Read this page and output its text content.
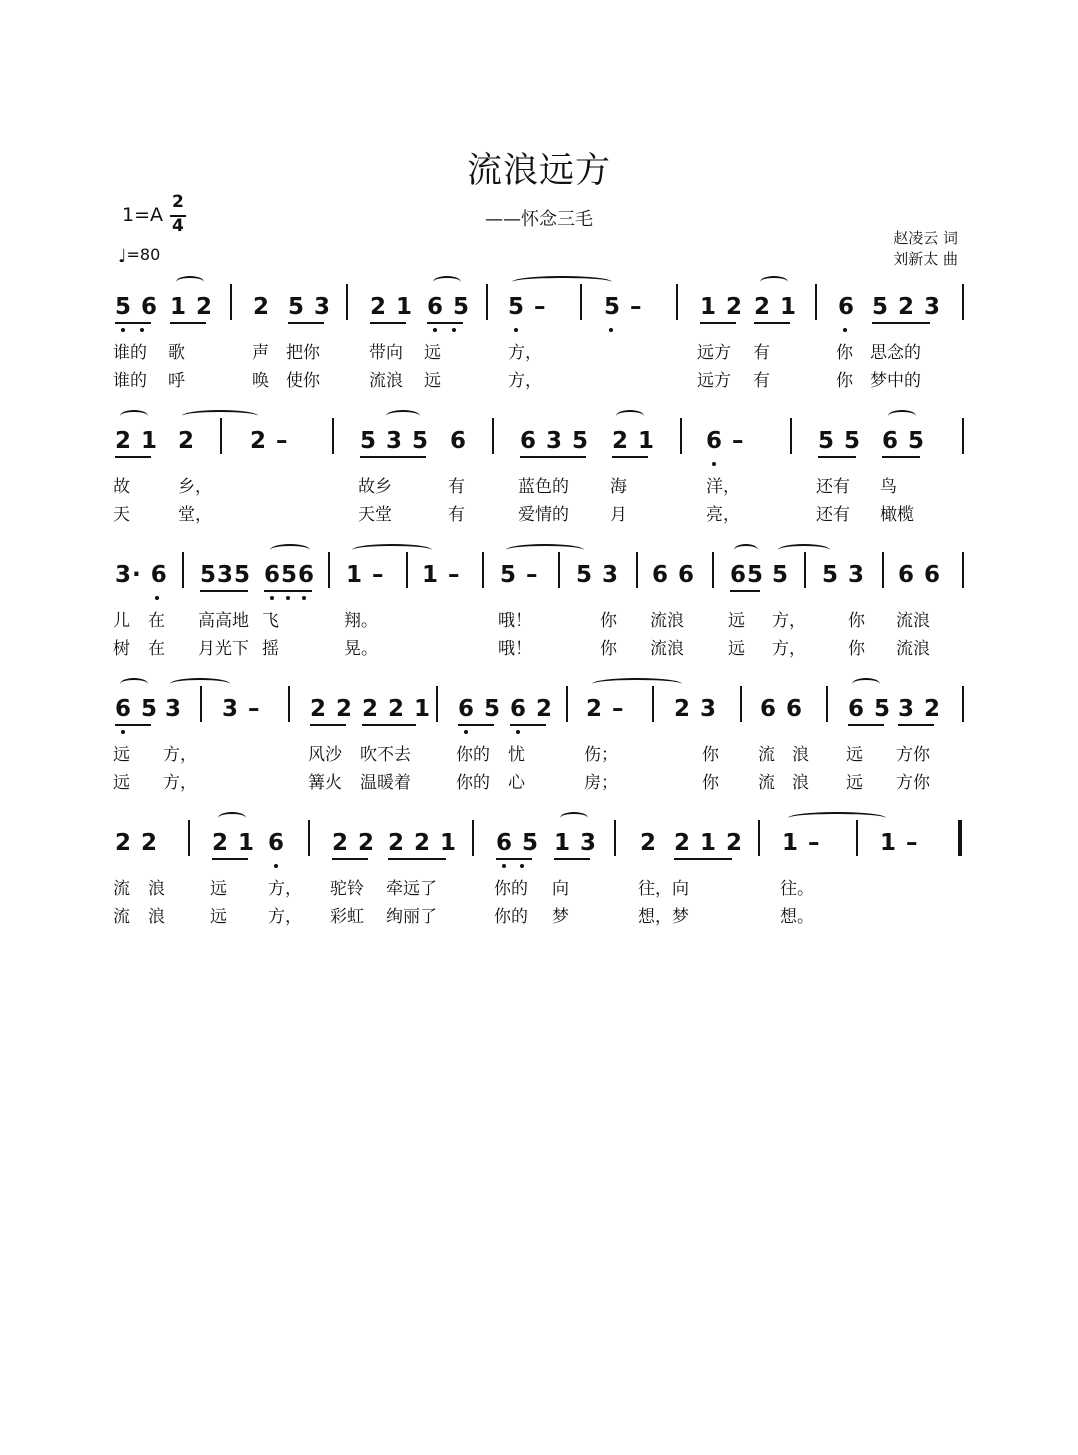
流浪远方
——怀念三毛
1=A
2
4
♩=80
赵凌云 词
刘新太 曲
5 6 1 2 2 5 3 2 1 6 5 5 – 5 – 1 2 2 1 6 5 2 3
谁的 歌	声 把你	带向 远	方，	远方 有	你 思念的
谁的 呼	唤 使你	流浪 远	方，	远方 有	你 梦中的
2 1 2 2 –	5 3 5 6 6 3 5 2 1 6 –	5 5 6 5
故	乡，	故乡	有	蓝色的 海	洋，	还有 鸟
天	堂，	天堂	有	爱情的 月	亮，	还有 橄榄
3· 6 535 656 1 – 1 – 5 – 5 3 6 6 65 5 5 3 6 6
儿 在 高高地 飞	翔。	哦！	你 流浪	远 方， 你 流浪
树 在 月光下 摇	晃。	哦！	你 流浪	远 方， 你 流浪
6 5 3 3 – 2 2 2 2 1 6 5 6 2 2 – 2 3 6 6 6 5 3 2
远 方，	风沙 吹不去	你的 忧	伤；	你 流 浪 远 方你
远 方，	篝火 温暖着	你的 心	房；	你 流 浪 远 方你
2 2 2 1 6 2 2 2 2 1 6 5 1 3 2 2 1 2 1 –	1 –
流 浪	远 方， 驼铃 牵远了	你的 向	往，向	往。
流 浪	远 方， 彩虹 绚丽了	你的 梦	想，梦	想。
